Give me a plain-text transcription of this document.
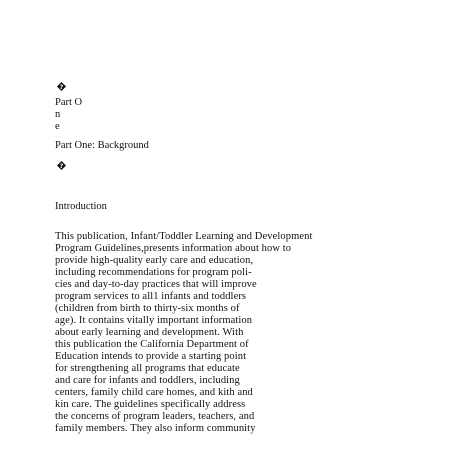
?
Part O
n
e
Part One: Background
?
Introduction
This publication, Infant/Toddler Learning and Development
Program Guidelines,presents information about how to
provide high-quality early care and education,
including recommendations for program poli-
cies and day-to-day practices that will improve
program services to all1 infants and toddlers
(children from birth to thirty-six months of
age). It contains vitally important information
about early learning and development. With
this publication the California Department of
Education intends to provide a starting point
for strengthening all programs that educate
and care for infants and toddlers, including
centers, family child care homes, and kith and
kin care. The guidelines specifically address
the concerns of program leaders, teachers, and
family members. They also inform community
